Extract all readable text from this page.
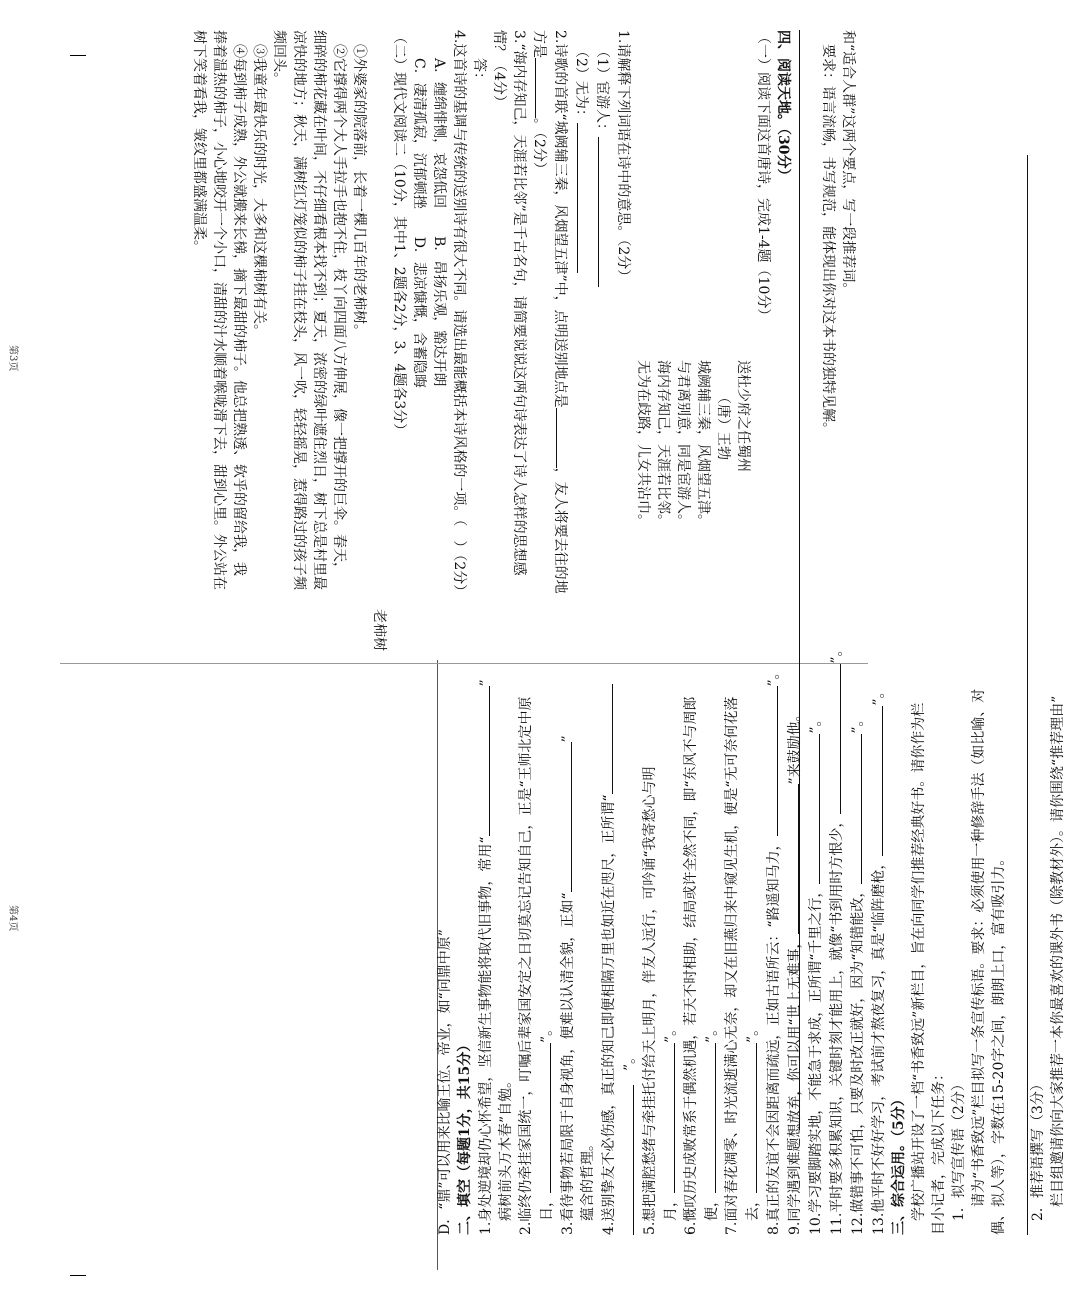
D．“鼎”可以用来比喻王位、帝业，如“问鼎中原” 二、填空（每题1分，共15分） 1.身处逆境却仍心怀希望，坚信新生事物能将取代旧事物，常用“”
　病树前头万木春”自勉。 2.临终仍牵挂家国统一，叮嘱后辈家国安定之日切莫忘记告知自己，正是“王师北定中原 　日，”。 3.看待事物若局限于自身视角，便难以认清全貌，正如“”
　蕴含的哲理。 4.送别挚友不必伤感，真正的知己即便相隔万里也如近在咫尺，正所谓“ 　”。 5.想把满腔愁绪与牵挂托付给天上明月，伴友人远行，可吟诵“我寄愁心与明 　月，”。 6.慨叹历史成败常系于偶然机遇，若天不时相助，结局或许全然不同，即“东风不与周郎 　便，”。 7.面对春花凋零、时光流逝满心无奈，却又在旧燕归来中窥见生机，便是“无可奈何花落 　去，”。 8.真正的友谊不会因距离而疏远，正如古语所云：“路遥知马力，”。
9.同学遇到难题想放弃，你可以用“世上无难事，”来鼓励他。
10.学习要脚踏实地，不能急于求成，正所谓“千里之行，”。
11.平时要多积累知识，关键时刻才能用上，就像“书到用时方恨少，”。
12.做错事不可怕，只要及时改正就好，因为“知错能改，”。
13.他平时不好好学习，考试前才熬夜复习，真是“临阵磨枪，”。
三、综合运用。（5分） 　学校广播站开设了一档“书香致远”新栏目，旨在向同学们推荐经典好书。请你作为栏 目小记者，完成以下任务： 　1．拟写宣传语（2分） 　　请为“书香致远”栏目拟写一条宣传标语。要求：必须使用一种修辞手法（如比喻、对 偶、拟人等），字数在15-20字之间，朗朗上口，富有吸引力。 　2．推荐语撰写（3分） 　　栏目组邀请你向大家推荐一本你最喜欢的课外书（除教材外）。请你围绕“推荐理由”
和“适合人群”这两个要点，写一段推荐词。
　要求：语言流畅，书写规范，能体现出你对这本书的独特见解。
四、阅读天地。（30分）
（一）阅读下面这首唐诗，完成1-4题（10分）
送杜少府之任蜀州
（唐）王勃
城阙辅三秦，风烟望五津。
与君离别意，同是宦游人。
海内存知己，天涯若比邻。
无为在歧路，儿女共沾巾。
1.请解释下列词语在诗中的意思。（2分）
（1）宦游人：
（2）无为：
2.诗歌的首联“城阙辅三秦，风烟望五津”中，点明送别地点是，友人将要去往的地
方是。（2分）
3.“海内存知己，天涯若比邻”是千古名句，请简要说说这两句诗表达了诗人怎样的思想感
情？（4分）
　　答：
4.这首诗的基调与传统的送别诗有很大不同。请选出最能概括本诗风格的一项。（　）（2分）
　A．缠绵悱恻，哀怨低回　　B．昂扬乐观，豁达开朗
　C．凄清孤寂，沉郁顿挫　　D．悲凉慷慨，含蓄隐晦
（二）现代文阅读二（10分，其中1、2题各2分，3、4题各3分）
老柿树
　①外婆家的院落前，长着一棵几百年的老柿树。
　②它撑得两个大人手拉手也抱不住，枝丫向四面八方伸展，像一把撑开的巨伞。春天，
细碎的柿花藏在叶间，不仔细看根本找不到；夏天，浓密的绿叶遮住烈日，树下总是村里最
凉快的地方；秋天，满树红灯笼似的柿子挂在枝头，风一吹，轻轻摇晃，惹得路过的孩子频
频回头。
　③我童年最快乐的时光，大多和这棵柿树有关。
　④每到柿子成熟，外公就搬来长梯，摘下最甜的柿子。他总把熟透、软乎的留给我，我
捧着温热的柿子，小心地咬开一个小口，清甜的汁水顺着喉咙滑下去，甜到心里。外公站在
树下笑着看我，皱纹里都盛满温柔。
第3页
第4页
